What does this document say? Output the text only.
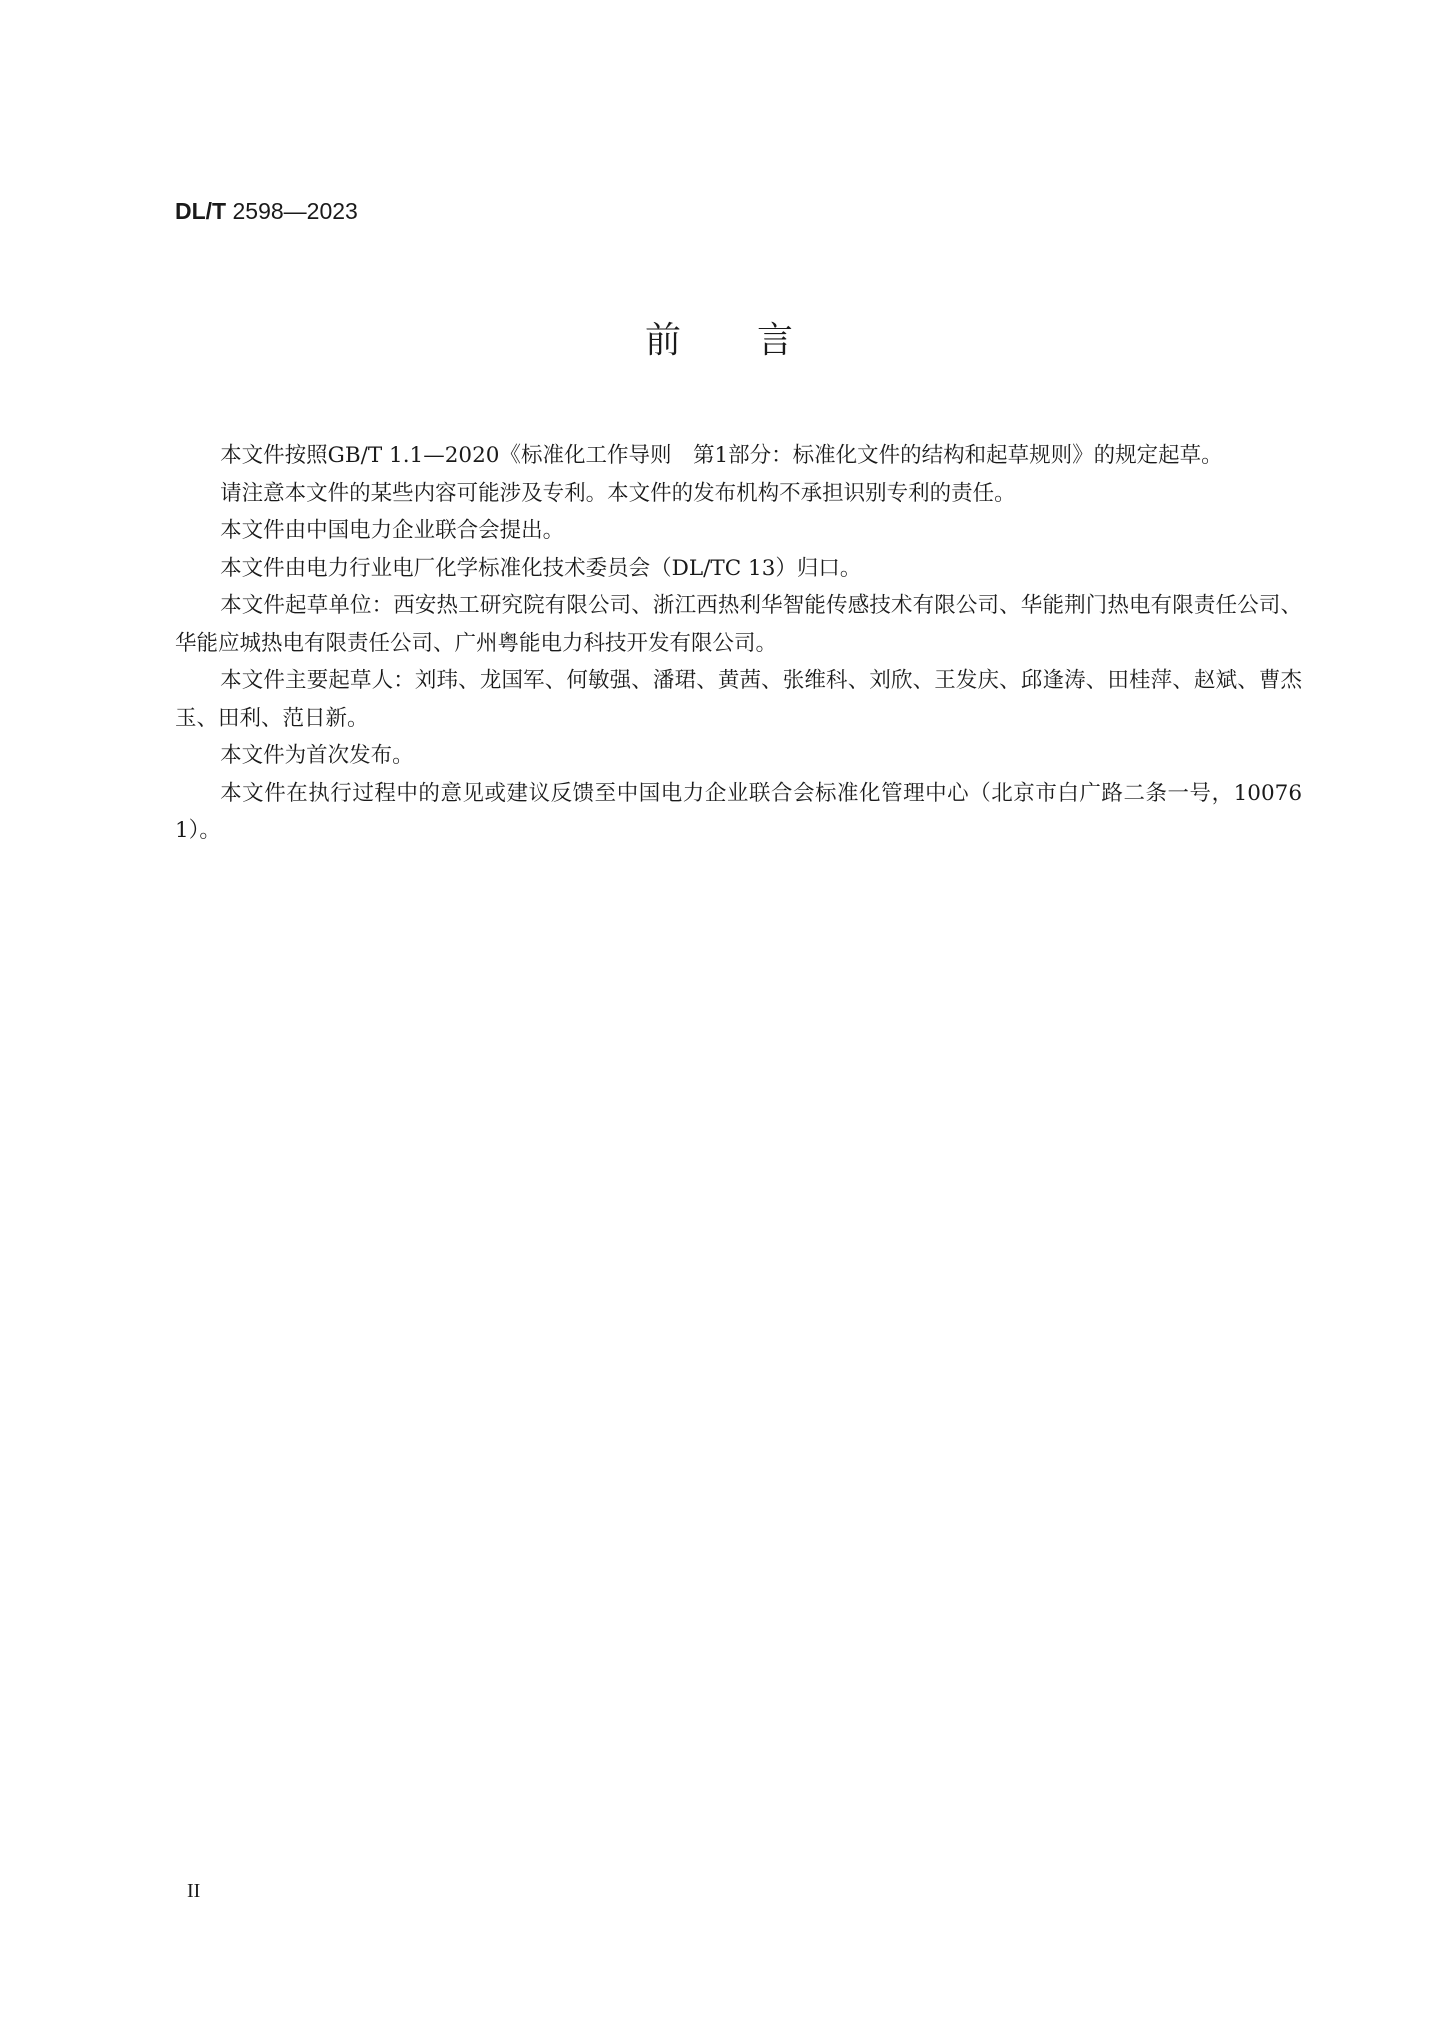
DL/T 2598—2023
前言

本文件按照GB/T 1.1—2020《标准化工作导则　第1部分：标准化文件的结构和起草规则》的规定起草。

请注意本文件的某些内容可能涉及专利。本文件的发布机构不承担识别专利的责任。

本文件由中国电力企业联合会提出。

本文件由电力行业电厂化学标准化技术委员会（DL/TC 13）归口。

本文件起草单位：西安热工研究院有限公司、浙江西热利华智能传感技术有限公司、华能荆门热电有限责任公司、华能应城热电有限责任公司、广州粤能电力科技开发有限公司。

本文件主要起草人：刘玮、龙国军、何敏强、潘珺、黄茜、张维科、刘欣、王发庆、邱逢涛、田桂萍、赵斌、曹杰玉、田利、范日新。

本文件为首次发布。

本文件在执行过程中的意见或建议反馈至中国电力企业联合会标准化管理中心（北京市白广路二条一号，100761）。

II
